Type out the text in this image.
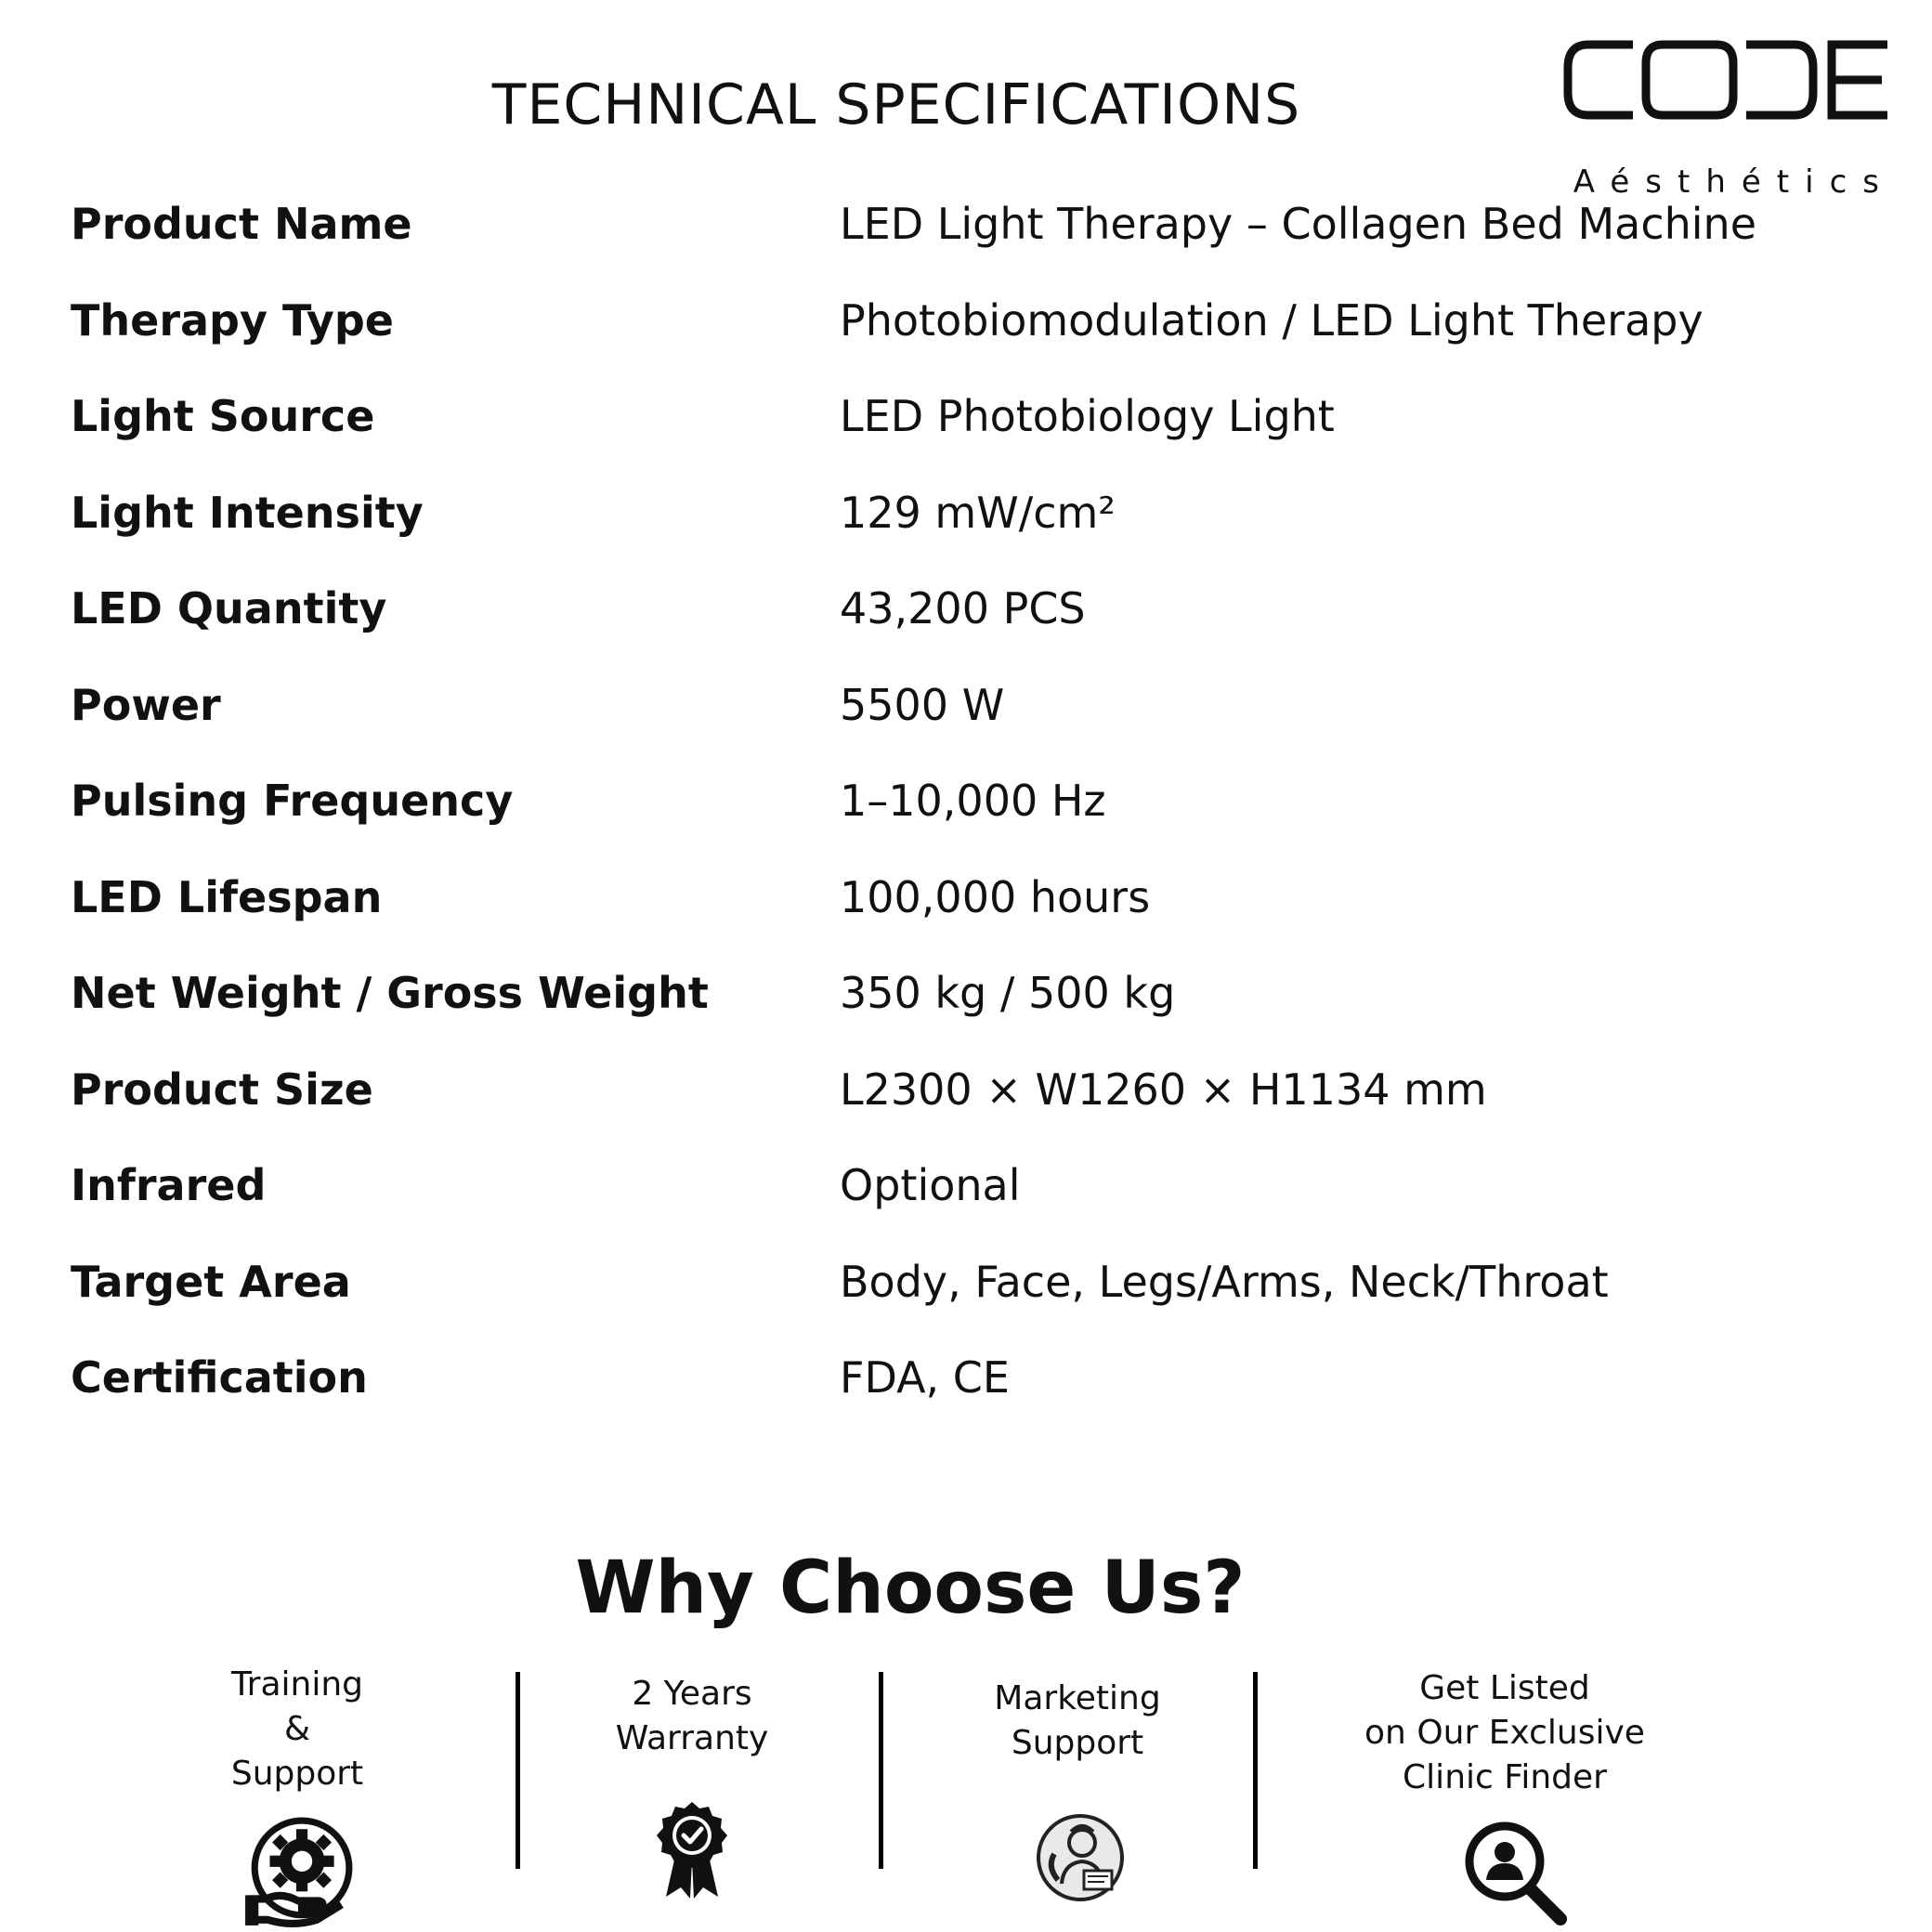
TECHNICAL SPECIFICATIONS
Aésthétics
Product Name	LED Light Therapy – Collagen Bed Machine
Therapy Type	Photobiomodulation / LED Light Therapy
Light Source	LED Photobiology Light
Light Intensity	129 mW/cm²
LED Quantity	43,200 PCS
Power	5500 W
Pulsing Frequency	1–10,000 Hz
LED Lifespan	100,000 hours
Net Weight / Gross Weight	350 kg / 500 kg
Product Size	L2300 × W1260 × H1134 mm
Infrared	Optional
Target Area	Body, Face, Legs/Arms, Neck/Throat
Certification	FDA, CE
Why Choose Us?
Training
&
Support
2 Years
Warranty
Marketing
Support
Get Listed
on Our Exclusive
Clinic Finder
